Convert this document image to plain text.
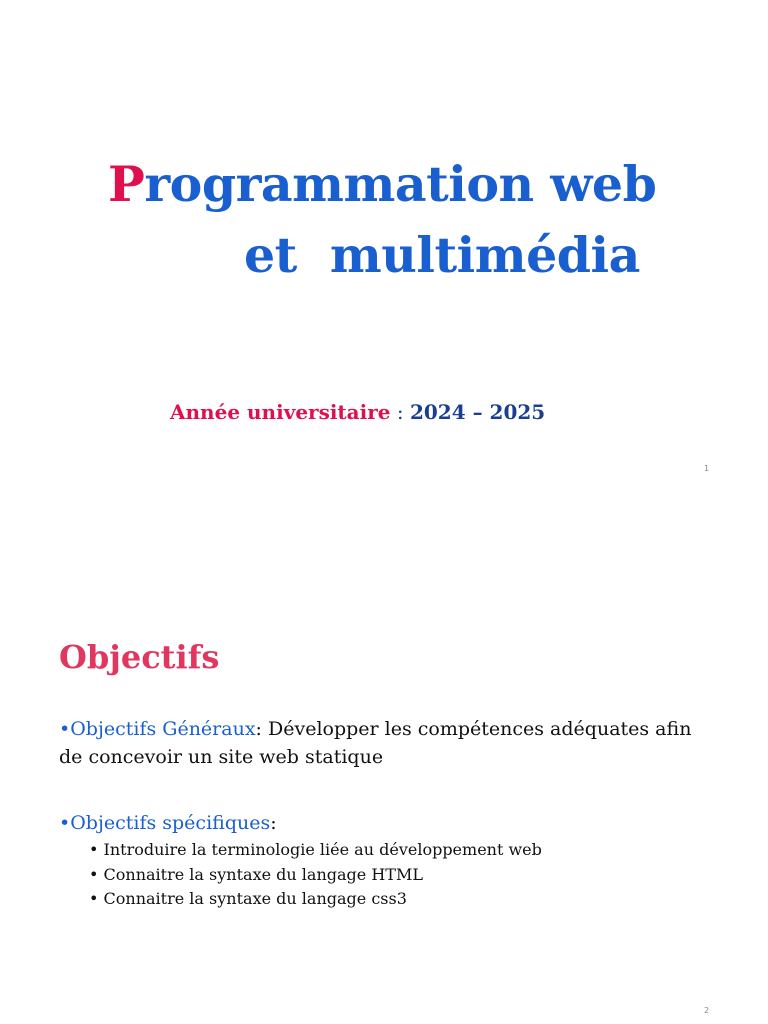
Programmation web
et  multimédia
Année universitaire : 2024 – 2025
1
Objectifs
•Objectifs Généraux: Développer les compétences adéquates afin de concevoir un site web statique
•Objectifs spécifiques:
• Introduire la terminologie liée au développement web
• Connaitre la syntaxe du langage HTML
• Connaitre la syntaxe du langage css3
2
